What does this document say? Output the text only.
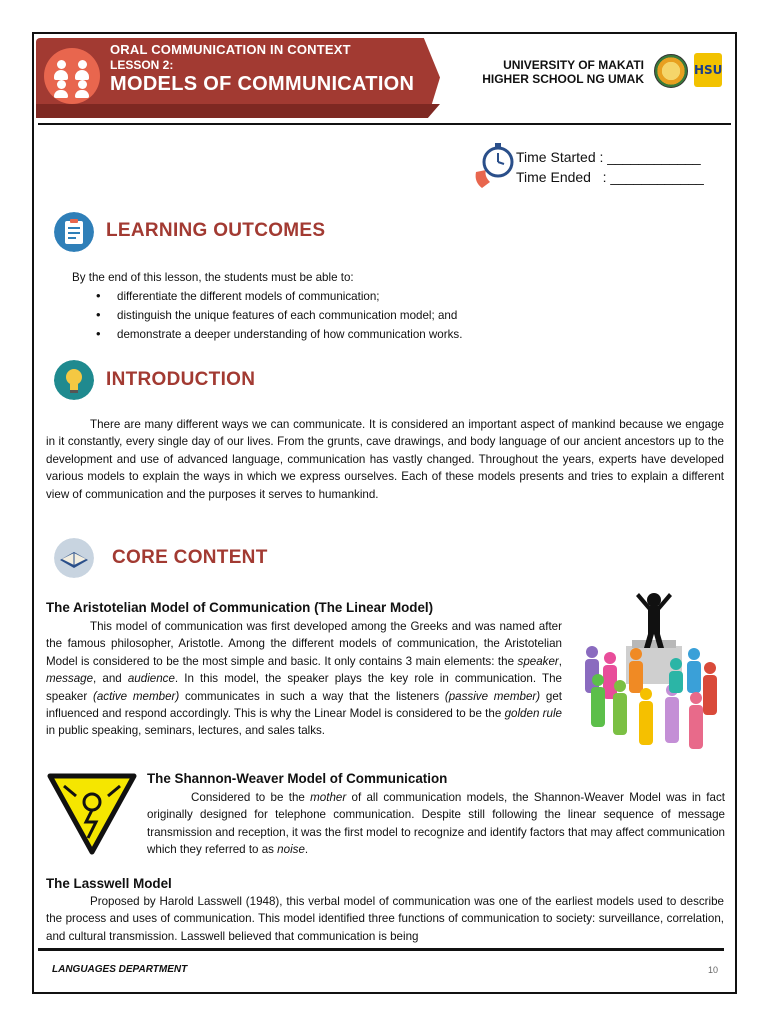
ORAL COMMUNICATION IN CONTEXT
LESSON 2:
MODELS OF COMMUNICATION
UNIVERSITY OF MAKATI
HIGHER SCHOOL NG UMAK
HSU
Time Started : ____________
Time Ended   : ____________
LEARNING OUTCOMES
By the end of this lesson, the students must be able to:
• differentiate the different models of communication;
• distinguish the unique features of each communication model; and
• demonstrate a deeper understanding of how communication works.
INTRODUCTION

There are many different ways we can communicate. It is considered an important aspect of mankind because we engage in it constantly, every single day of our lives. From the grunts, cave drawings, and body language of our ancient ancestors up to the development and use of advanced language, communication has vastly changed. Throughout the years, experts have developed various models to explain the ways in which we express ourselves. Each of these models presents and tries to explain a different view of communication and the purposes it serves to humankind.

CORE CONTENT
The Aristotelian Model of Communication (The Linear Model)

This model of communication was first developed among the Greeks and was named after the famous philosopher, Aristotle. Among the different models of communication, the Aristotelian Model is considered to be the most simple and basic. It only contains 3 main elements: the speaker, message, and audience. In this model, the speaker plays the key role in communication. The speaker (active member) communicates in such a way that the listeners (passive member) get influenced and respond accordingly. This is why the Linear Model is considered to be the golden rule in public speaking, seminars, lectures, and sales talks.

The Shannon-Weaver Model of Communication

Considered to be the mother of all communication models, the Shannon-Weaver Model was in fact originally designed for telephone communication. Despite still following the linear sequence of message transmission and reception, it was the first model to recognize and identify factors that may affect communication which they referred to as noise.

The Lasswell Model

Proposed by Harold Lasswell (1948), this verbal model of communication was one of the earliest models used to describe the process and uses of communication. This model identified three functions of communication to society: surveillance, correlation, and cultural transmission. Lasswell believed that communication is being

LANGUAGES DEPARTMENT	10
